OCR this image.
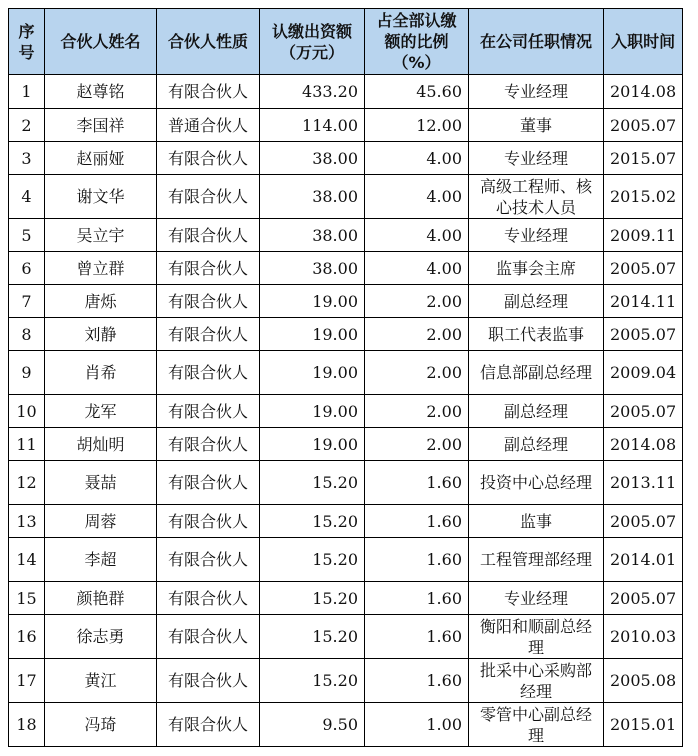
序号	合伙人姓名	合伙人性质	认缴出资额（万元）	占全部认缴额的比例（%）	在公司任职情况	入职时间
1	赵尊铭	有限合伙人	433.20	45.60	专业经理	2014.08
2	李国祥	普通合伙人	114.00	12.00	董事	2005.07
3	赵丽娅	有限合伙人	38.00	4.00	专业经理	2015.07
4	谢文华	有限合伙人	38.00	4.00	高级工程师、核心技术人员	2015.02
5	吴立宇	有限合伙人	38.00	4.00	专业经理	2009.11
6	曾立群	有限合伙人	38.00	4.00	监事会主席	2005.07
7	唐烁	有限合伙人	19.00	2.00	副总经理	2014.11
8	刘静	有限合伙人	19.00	2.00	职工代表监事	2005.07
9	肖希	有限合伙人	19.00	2.00	信息部副总经理	2009.04
10	龙军	有限合伙人	19.00	2.00	副总经理	2005.07
11	胡灿明	有限合伙人	19.00	2.00	副总经理	2014.08
12	聂喆	有限合伙人	15.20	1.60	投资中心总经理	2013.11
13	周蓉	有限合伙人	15.20	1.60	监事	2005.07
14	李超	有限合伙人	15.20	1.60	工程管理部经理	2014.01
15	颜艳群	有限合伙人	15.20	1.60	专业经理	2005.07
16	徐志勇	有限合伙人	15.20	1.60	衡阳和顺副总经理	2010.03
17	黄江	有限合伙人	15.20	1.60	批采中心采购部经理	2005.08
18	冯琦	有限合伙人	9.50	1.00	零管中心副总经理	2015.01
